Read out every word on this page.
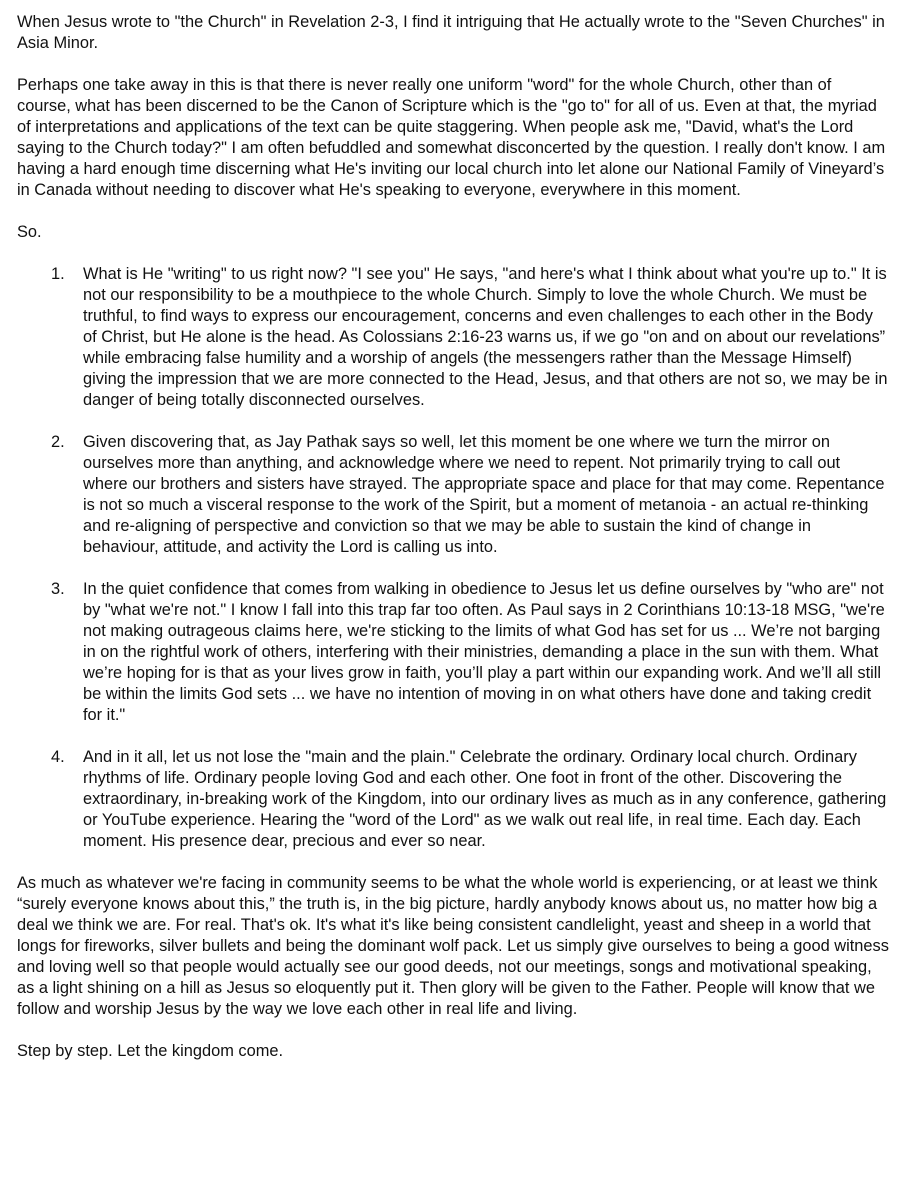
When Jesus wrote to "the Church" in Revelation 2-3, I find it intriguing that He actually wrote to the "Seven Churches" in Asia Minor.

Perhaps one take away in this is that there is never really one uniform "word" for the whole Church, other than of course, what has been discerned to be the Canon of Scripture which is the "go to" for all of us. Even at that, the myriad of interpretations and applications of the text can be quite staggering. When people ask me, "David, what's the Lord saying to the Church today?" I am often befuddled and somewhat disconcerted by the question. I really don't know. I am having a hard enough time discerning what He's inviting our local church into let alone our National Family of Vineyard’s in Canada without needing to discover what He's speaking to everyone, everywhere in this moment.

So.

1. What is He "writing" to us right now? "I see you" He says, "and here's what I think about what you're up to." It is not our responsibility to be a mouthpiece to the whole Church. Simply to love the whole Church. We must be truthful, to find ways to express our encouragement, concerns and even challenges to each other in the Body of Christ, but He alone is the head. As Colossians 2:16-23 warns us, if we go "on and on about our revelations” while embracing false humility and a worship of angels (the messengers rather than the Message Himself) giving the impression that we are more connected to the Head, Jesus, and that others are not so, we may be in danger of being totally disconnected ourselves.
2. Given discovering that, as Jay Pathak says so well, let this moment be one where we turn the mirror on ourselves more than anything, and acknowledge where we need to repent. Not primarily trying to call out where our brothers and sisters have strayed. The appropriate space and place for that may come. Repentance is not so much a visceral response to the work of the Spirit, but a moment of metanoia - an actual re-thinking and re-aligning of perspective and conviction so that we may be able to sustain the kind of change in behaviour, attitude, and activity the Lord is calling us into.
3. In the quiet confidence that comes from walking in obedience to Jesus let us define ourselves by "who are" not by "what we're not." I know I fall into this trap far too often. As Paul says in 2 Corinthians 10:13-18 MSG, "we're not making outrageous claims here, we're sticking to the limits of what God has set for us ... We’re not barging in on the rightful work of others, interfering with their ministries, demanding a place in the sun with them. What we’re hoping for is that as your lives grow in faith, you’ll play a part within our expanding work. And we’ll all still be within the limits God sets ... we have no intention of moving in on what others have done and taking credit for it."
4. And in it all, let us not lose the "main and the plain." Celebrate the ordinary. Ordinary local church. Ordinary rhythms of life. Ordinary people loving God and each other. One foot in front of the other. Discovering the extraordinary, in-breaking work of the Kingdom, into our ordinary lives as much as in any conference, gathering or YouTube experience. Hearing the "word of the Lord" as we walk out real life, in real time. Each day. Each moment. His presence dear, precious and ever so near.

As much as whatever we're facing in community seems to be what the whole world is experiencing, or at least we think “surely everyone knows about this,” the truth is, in the big picture, hardly anybody knows about us, no matter how big a deal we think we are. For real. That's ok. It's what it's like being consistent candlelight, yeast and sheep in a world that longs for fireworks, silver bullets and being the dominant wolf pack. Let us simply give ourselves to being a good witness and loving well so that people would actually see our good deeds, not our meetings, songs and motivational speaking, as a light shining on a hill as Jesus so eloquently put it. Then glory will be given to the Father. People will know that we follow and worship Jesus by the way we love each other in real life and living.

Step by step. Let the kingdom come.
